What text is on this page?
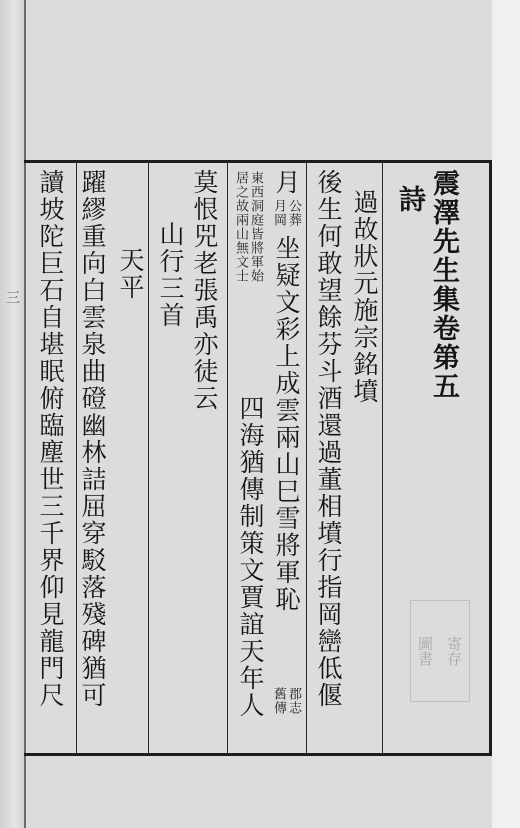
三	震澤先生集卷第五
詩
過故狀元施宗銘墳
後生何敢望餘芬斗酒還過董相墳行指岡巒低偃
月
公葬
月岡
坐疑文彩上成雲兩山巳雪將軍恥
郡志
舊傳
東西洞庭皆將軍始
居之故兩山無文士
四海猶傳制策文賈誼天年人
莫恨兕老張禹亦徒云
山行三首
天平
躍繆重向白雲泉曲磴幽林詰屈穿駁落殘碑猶可
讀坡陀巨石自堪眠俯臨塵世三千界仰見龍門尺	寄存
圖書
